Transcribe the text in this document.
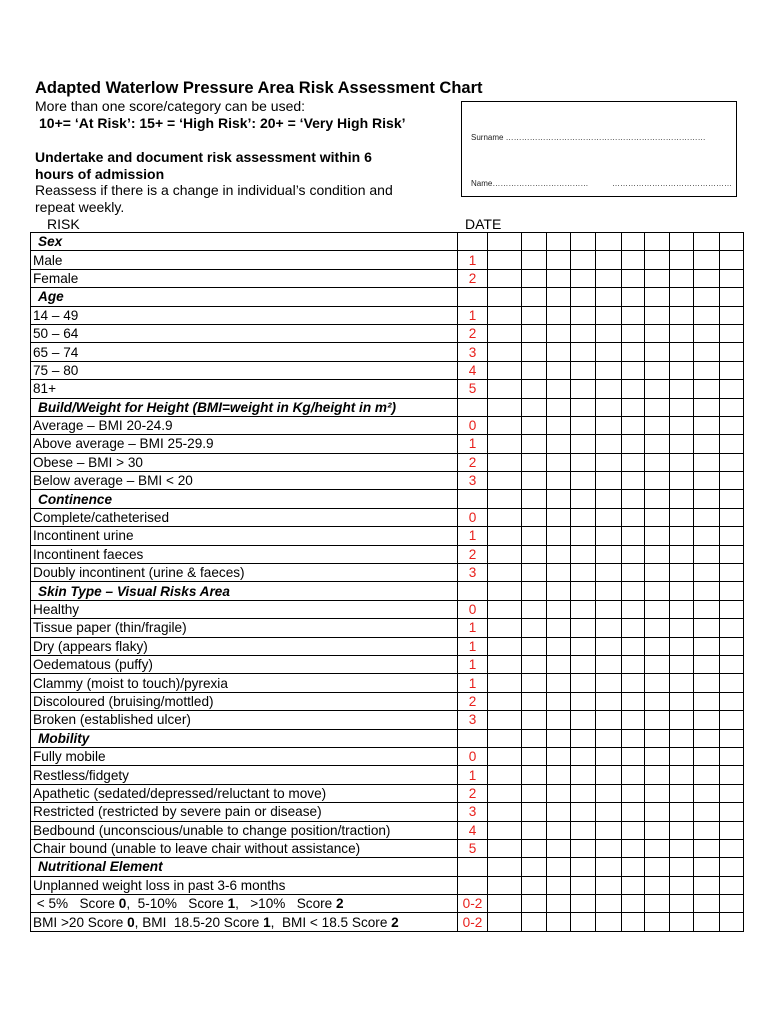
Adapted Waterlow Pressure Area Risk Assessment Chart
More than one score/category can be used:
10+= ‘At Risk’: 15+ = ‘High Risk’: 20+ = ‘Very High Risk’
Undertake and document risk assessment within 6
hours of admission
Reassess if there is a change in individual’s condition and
repeat weekly.
Surname …………………………………………………………………
Name………………………………	………………………………………
RISK	DATE
Sex											
Male	1										
Female	2										
Age											
14 – 49	1										
50 – 64	2										
65 – 74	3										
75 – 80	4										
81+	5										
Build/Weight for Height (BMI=weight in Kg/height in m²)											
Average – BMI 20-24.9	0										
Above average – BMI 25-29.9	1										
Obese – BMI > 30	2										
Below average – BMI < 20	3										
Continence											
Complete/catheterised	0										
Incontinent urine	1										
Incontinent faeces	2										
Doubly incontinent (urine & faeces)	3										
Skin Type – Visual Risks Area											
Healthy	0										
Tissue paper (thin/fragile)	1										
Dry (appears flaky)	1										
Oedematous (puffy)	1										
Clammy (moist to touch)/pyrexia	1										
Discoloured (bruising/mottled)	2										
Broken (established ulcer)	3										
Mobility											
Fully mobile	0										
Restless/fidgety	1										
Apathetic (sedated/depressed/reluctant to move)	2										
Restricted (restricted by severe pain or disease)	3										
Bedbound (unconscious/unable to change position/traction)	4										
Chair bound (unable to leave chair without assistance)	5										
Nutritional Element											
Unplanned weight loss in past 3-6 months											
< 5%   Score 0,  5-10%   Score 1,   >10%   Score 2	0-2										
BMI >20 Score 0, BMI  18.5-20 Score 1,  BMI < 18.5 Score 2	0-2										
